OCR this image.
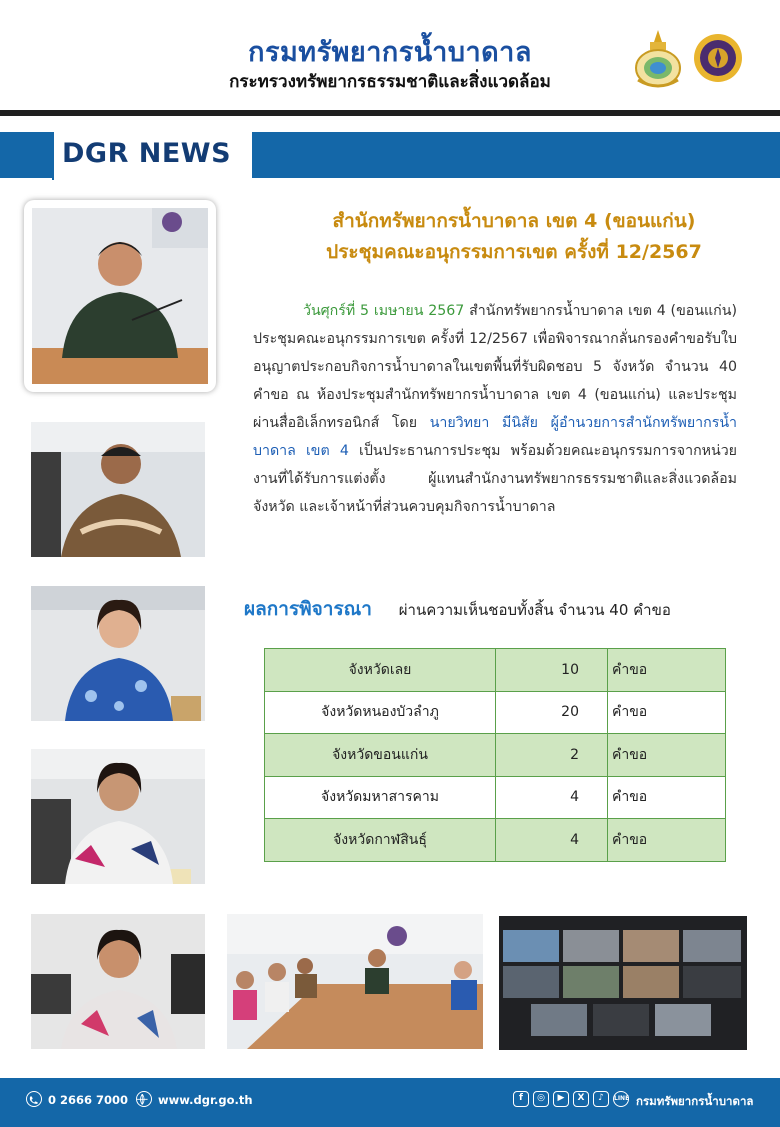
กรมทรัพยากรน้ำบาดาล
กระทรวงทรัพยากรธรรมชาติและสิ่งแวดล้อม
DGR NEWS
สำนักทรัพยากรน้ำบาดาล เขต 4 (ขอนแก่น)
ประชุมคณะอนุกรรมการเขต ครั้งที่ 12/2567
วันศุกร์ที่ 5 เมษายน 2567 สำนักทรัพยากรน้ำบาดาล เขต 4 (ขอนแก่น) ประชุมคณะอนุกรรมการเขต ครั้งที่ 12/2567 เพื่อพิจารณากลั่นกรองคำขอรับใบอนุญาตประกอบกิจการน้ำบาดาลในเขตพื้นที่รับผิดชอบ 5 จังหวัด จำนวน 40 คำขอ ณ ห้องประชุมสำนักทรัพยากรน้ำบาดาล เขต 4 (ขอนแก่น) และประชุมผ่านสื่ออิเล็กทรอนิกส์ โดย นายวิทยา มีนิสัย ผู้อำนวยการสำนักทรัพยากรน้ำบาดาล เขต 4 เป็นประธานการประชุม พร้อมด้วยคณะอนุกรรมการจากหน่วยงานที่ได้รับการแต่งตั้ง ผู้แทนสำนักงานทรัพยากรธรรมชาติและสิ่งแวดล้อมจังหวัด และเจ้าหน้าที่ส่วนควบคุมกิจการน้ำบาดาล
ผลการพิจารณา ผ่านความเห็นชอบทั้งสิ้น จำนวน 40 คำขอ
จังหวัดเลย	10	คำขอ
จังหวัดหนองบัวลำภู	20	คำขอ
จังหวัดขอนแก่น	2	คำขอ
จังหวัดมหาสารคาม	4	คำขอ
จังหวัดกาฬสินธุ์	4	คำขอ
0 2666 7000	www.dgr.go.th	f	◎	▶	X	♪	LINE กรมทรัพยากรน้ำบาดาล
